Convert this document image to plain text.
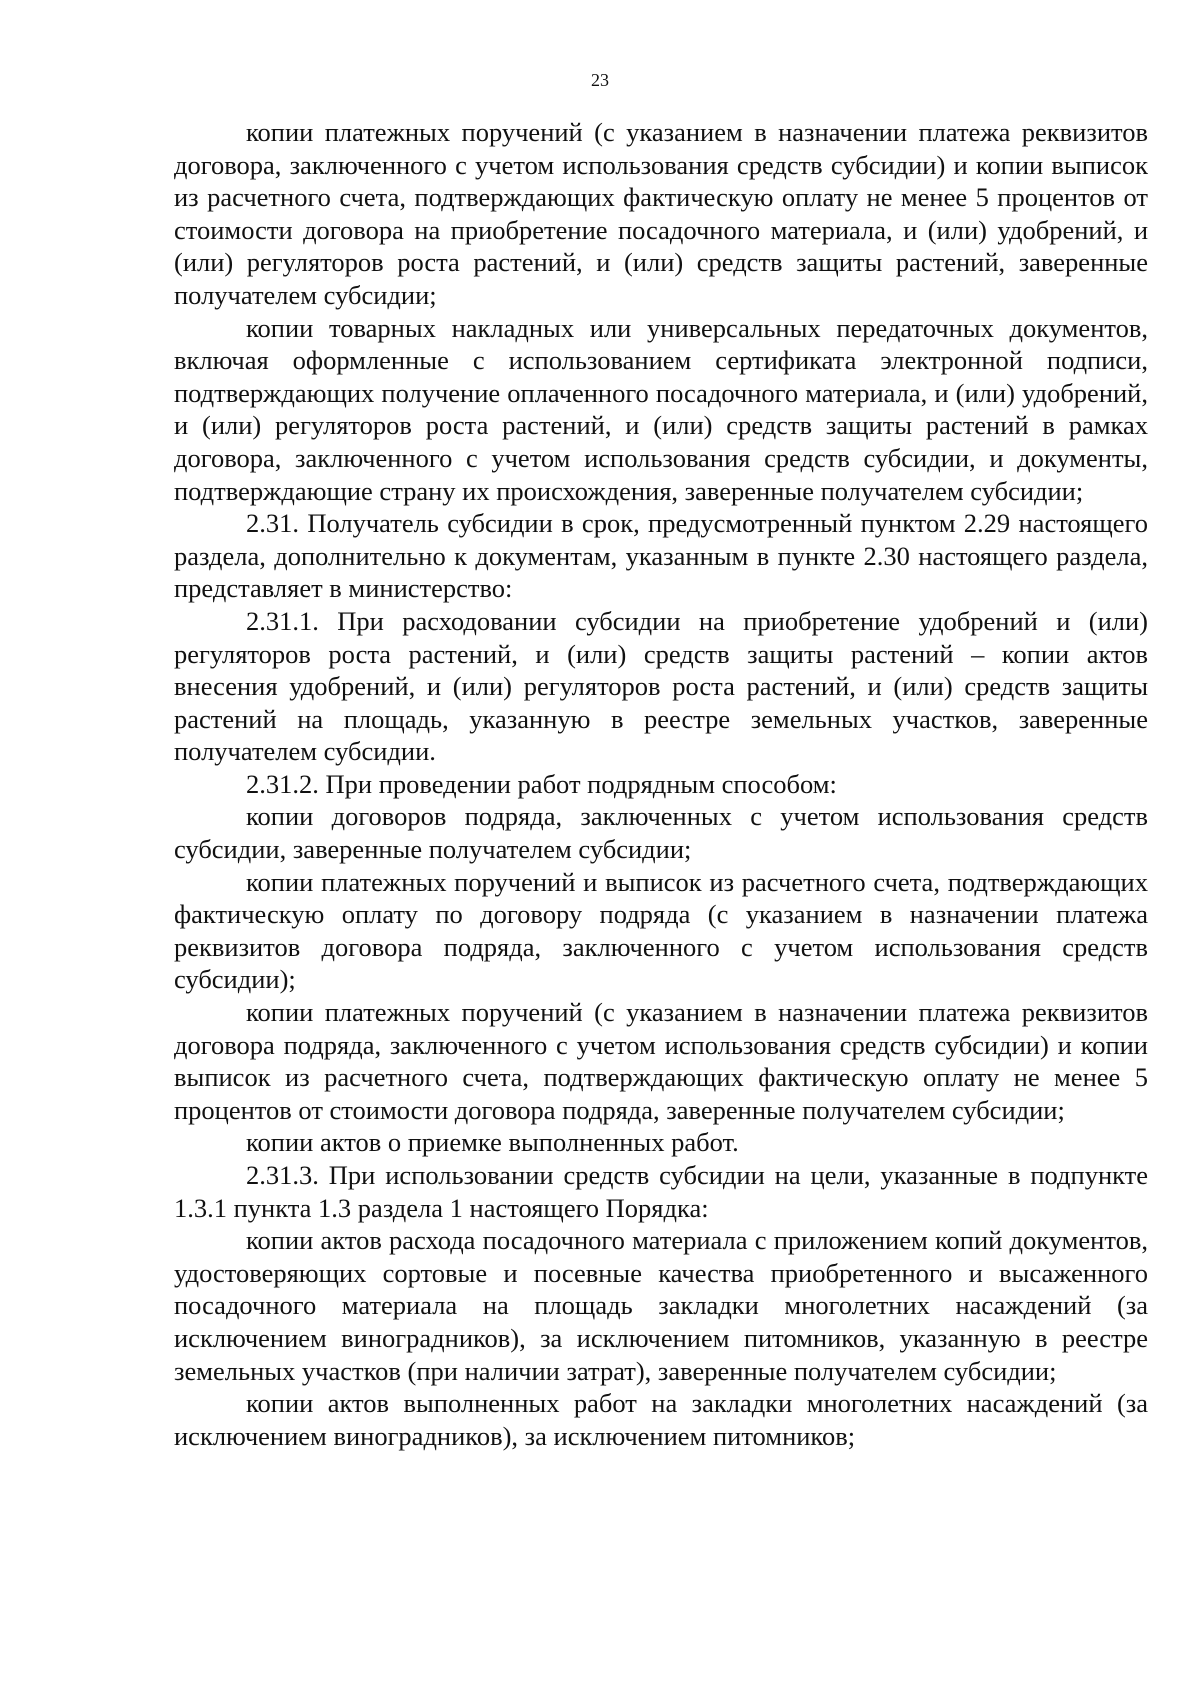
23

копии платежных поручений (с указанием в назначении платежа реквизитов договора, заключенного с учетом использования средств субсидии) и копии выписок из расчетного счета, подтверждающих фактическую оплату не менее 5 процентов от стоимости договора на приобретение посадочного материала, и (или) удобрений, и (или) регуляторов роста растений, и (или) средств защиты растений, заверенные получателем субсидии;

копии товарных накладных или универсальных передаточных документов, включая оформленные с использованием сертификата электронной подписи, подтверждающих получение оплаченного посадочного материала, и (или) удобрений, и (или) регуляторов роста растений, и (или) средств защиты растений в рамках договора, заключенного с учетом использования средств субсидии, и документы, подтверждающие страну их происхождения, заверенные получателем субсидии;

2.31. Получатель субсидии в срок, предусмотренный пунктом 2.29 настоящего раздела, дополнительно к документам, указанным в пункте 2.30 настоящего раздела, представляет в министерство:

2.31.1. При расходовании субсидии на приобретение удобрений и (или) регуляторов роста растений, и (или) средств защиты растений – копии актов внесения удобрений, и (или) регуляторов роста растений, и (или) средств защиты растений на площадь, указанную в реестре земельных участков, заверенные получателем субсидии.

2.31.2. При проведении работ подрядным способом:

копии договоров подряда, заключенных с учетом использования средств субсидии, заверенные получателем субсидии;

копии платежных поручений и выписок из расчетного счета, подтверждающих фактическую оплату по договору подряда (с указанием в назначении платежа реквизитов договора подряда, заключенного с учетом использования средств субсидии);

копии платежных поручений (с указанием в назначении платежа реквизитов договора подряда, заключенного с учетом использования средств субсидии) и копии выписок из расчетного счета, подтверждающих фактическую оплату не менее 5 процентов от стоимости договора подряда, заверенные получателем субсидии;

копии актов о приемке выполненных работ.

2.31.3. При использовании средств субсидии на цели, указанные в подпункте 1.3.1 пункта 1.3 раздела 1 настоящего Порядка:

копии актов расхода посадочного материала с приложением копий документов, удостоверяющих сортовые и посевные качества приобретенного и высаженного посадочного материала на площадь закладки многолетних насаждений (за исключением виноградников), за исключением питомников, указанную в реестре земельных участков (при наличии затрат), заверенные получателем субсидии;

копии актов выполненных работ на закладки многолетних насаждений (за исключением виноградников), за исключением питомников;
